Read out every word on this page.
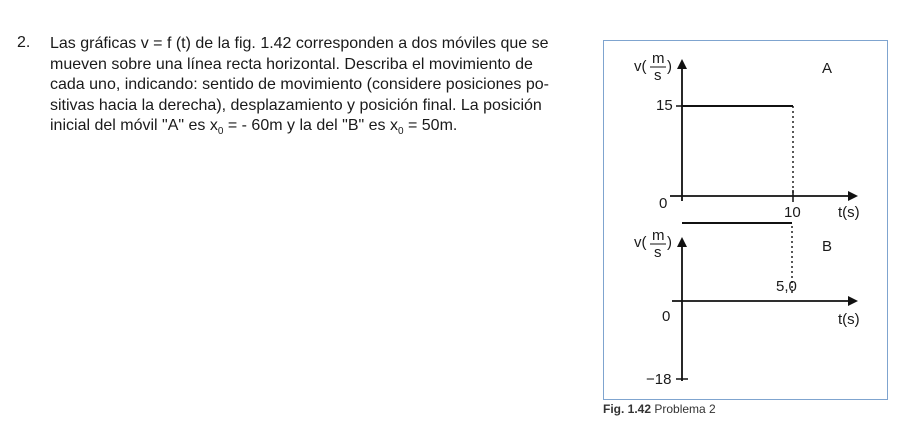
2. Las gráficas v = f (t) de la fig. 1.42 corresponden a dos móviles que se
mueven sobre una línea recta horizontal. Describa el movimiento de
cada uno, indicando: sentido de movimiento (considere posiciones po-
sitivas hacia la derecha), desplazamiento y posición final. La posición
inicial del móvil "A" es $x_0$ = - 60m y la del "B" es $x_0 = 50m$.
v( m
s
)	A
15
0
10 t(s)
v( m
s
)	B
0
−18
5,0
t(s)
Fig. 1.42 Problema 2
